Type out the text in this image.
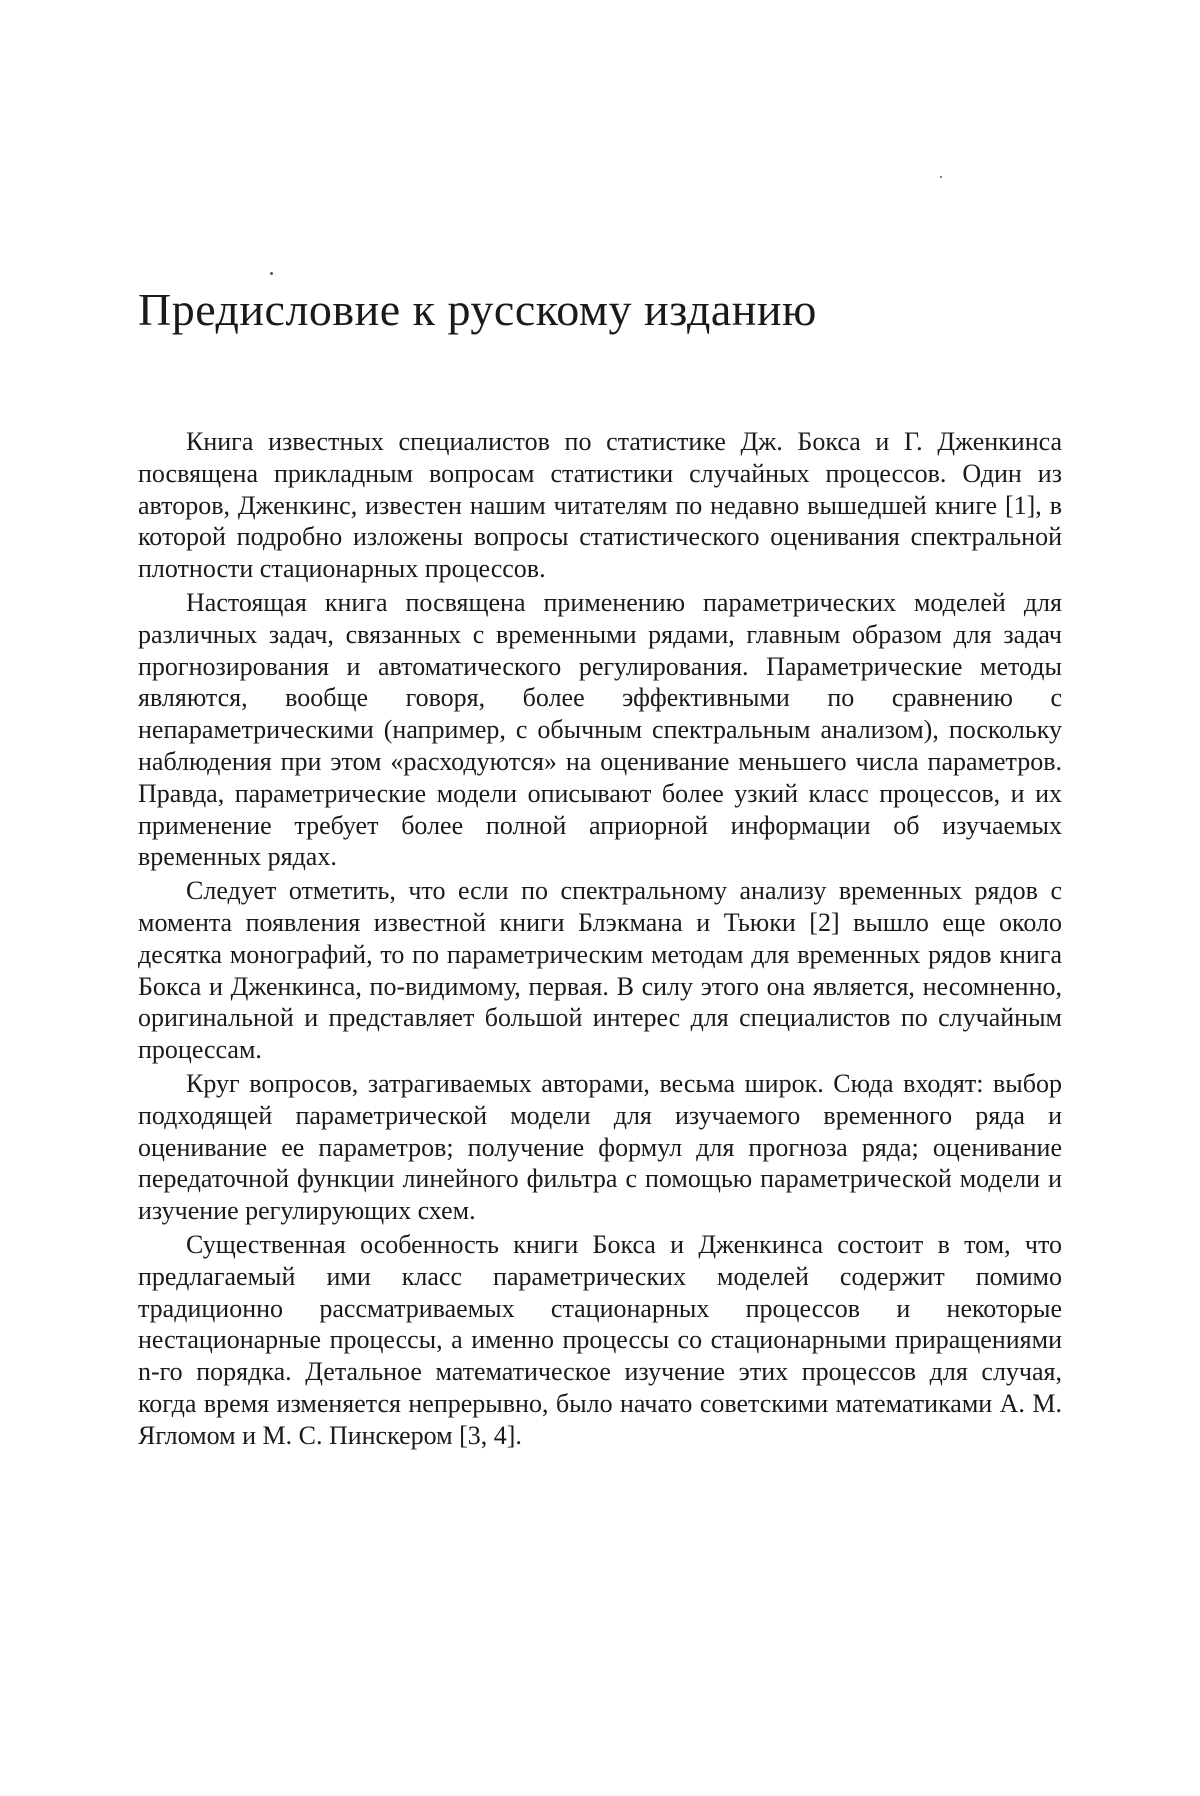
Предисловие к русскому изданию

Книга известных специалистов по статистике Дж. Бокса и Г. Дженкинса посвящена прикладным вопросам статистики случайных процессов. Один из авторов, Дженкинс, известен нашим читателям по недавно вышедшей книге [1], в которой подробно изложены вопросы статистического оценивания спектральной плотности стационарных процессов.

Настоящая книга посвящена применению параметрических моделей для различных задач, связанных с временными рядами, главным образом для задач прогнозирования и автоматического регулирования. Параметрические методы являются, вообще говоря, более эффективными по сравнению с непараметрическими (например, с обычным спектральным анализом), поскольку наблюдения при этом «расходуются» на оценивание меньшего числа параметров. Правда, параметрические модели описывают более узкий класс процессов, и их применение требует более полной априорной информации об изучаемых временных рядах.

Следует отметить, что если по спектральному анализу временных рядов с момента появления известной книги Блэкмана и Тьюки [2] вышло еще около десятка монографий, то по параметрическим методам для временных рядов книга Бокса и Дженкинса, по-видимому, первая. В силу этого она является, несомненно, оригинальной и представляет большой интерес для специалистов по случайным процессам.

Круг вопросов, затрагиваемых авторами, весьма широк. Сюда входят: выбор подходящей параметрической модели для изучаемого временного ряда и оценивание ее параметров; получение формул для прогноза ряда; оценивание передаточной функции линейного фильтра с помощью параметрической модели и изучение регулирующих схем.

Существенная особенность книги Бокса и Дженкинса состоит в том, что предлагаемый ими класс параметрических моделей содержит помимо традиционно рассматриваемых стационарных процессов и некоторые нестационарные процессы, а именно процессы со стационарными приращениями n-го порядка. Детальное математическое изучение этих процессов для случая, когда время изменяется непрерывно, было начато советскими математиками А. М. Ягломом и М. С. Пинскером [3, 4].
